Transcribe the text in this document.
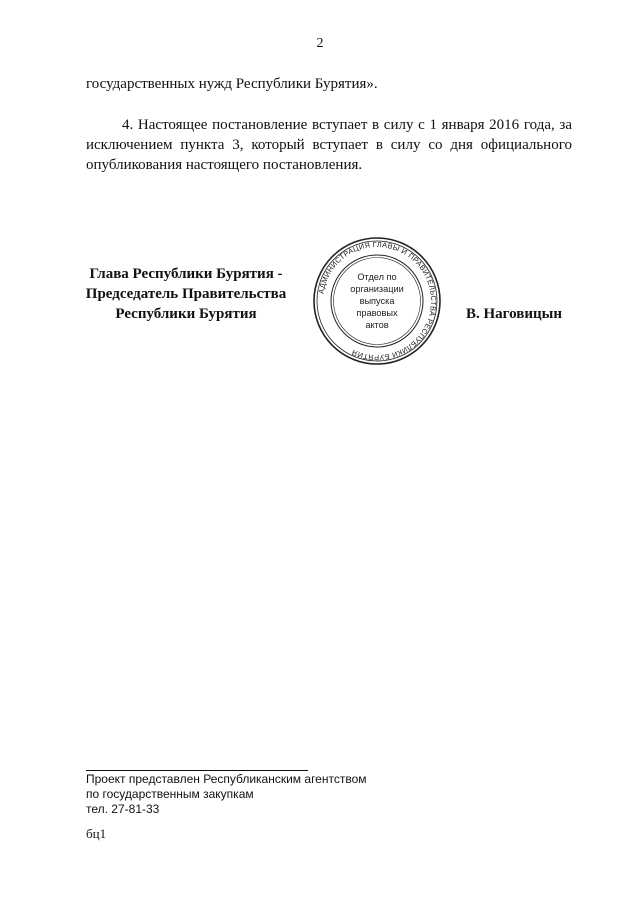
2
государственных нужд Республики Бурятия».
4. Настоящее постановление вступает в силу с 1 января 2016 года, за
исключением пункта 3, который вступает в силу со дня официального
опубликования настоящего постановления.
Глава Республики Бурятия -
Председатель Правительства
Республики Бурятия
АДМИНИСТРАЦИЯ ГЛАВЫ И ПРАВИТЕЛЬСТВА РЕСПУБЛИКИ БУРЯТИЯ
Отдел по
организации
выпуска
правовых
актов
В. Наговицын
Проект представлен Республиканским агентством
по государственным закупкам
тел. 27-81-33
бц1
